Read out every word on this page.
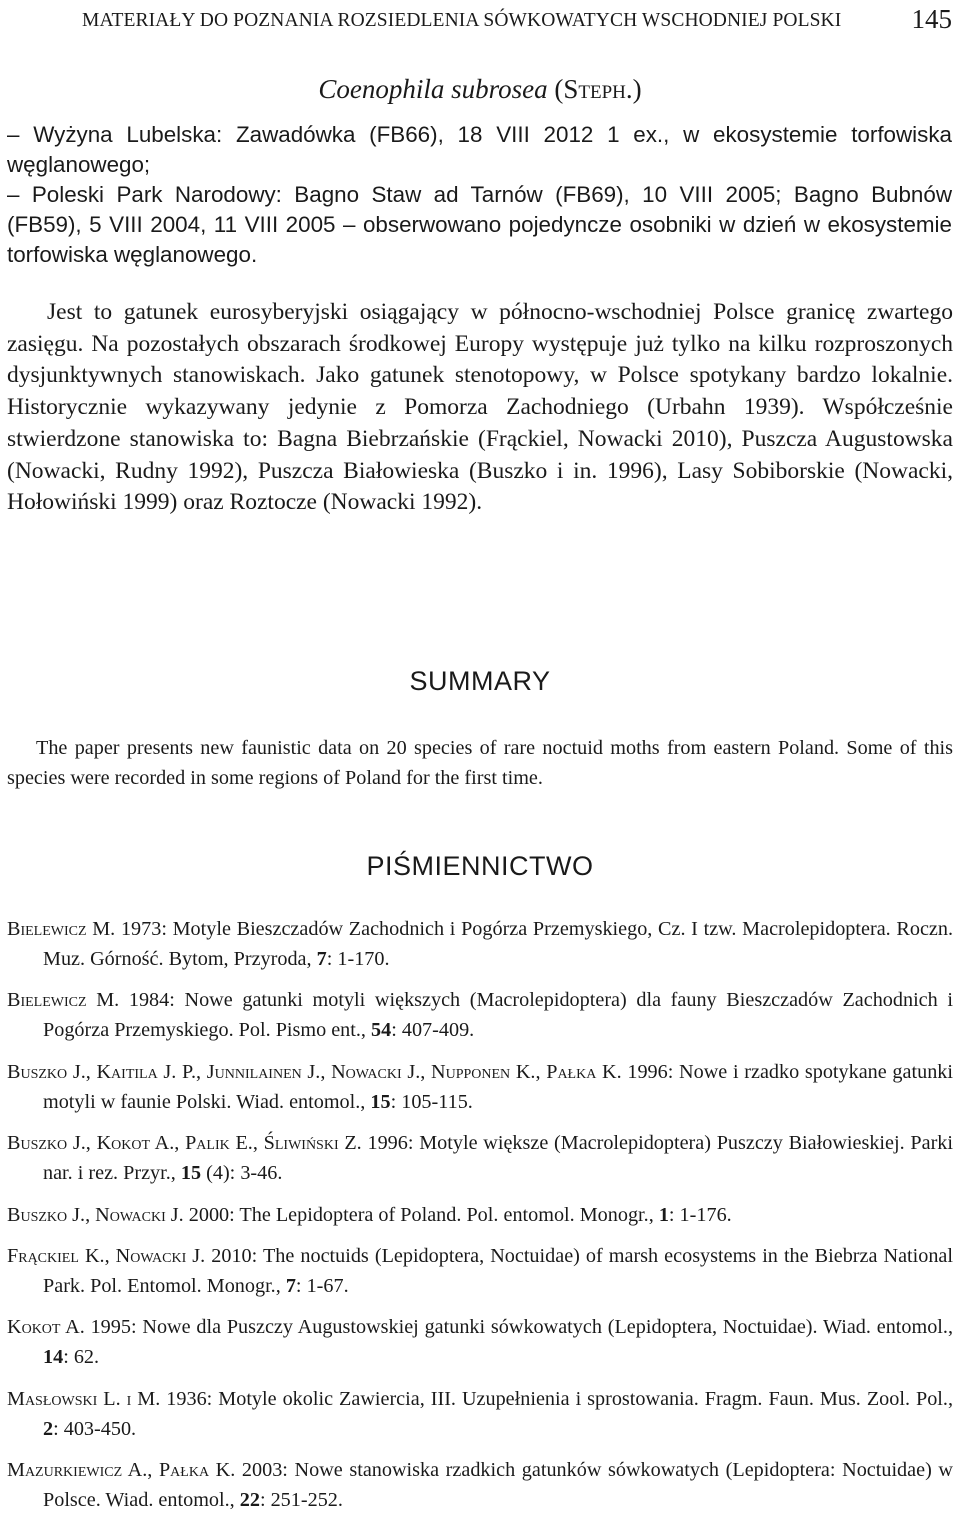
MATERIAŁY DO POZNANIA ROZSIEDLENIA SÓWKOWATYCH WSCHODNIEJ POLSKI	145
Coenophila subrosea (Steph.)

– Wyżyna Lubelska: Zawadówka (FB66), 18 VIII 2012 1 ex., w ekosystemie torfowiska węglanowego;

– Poleski Park Narodowy: Bagno Staw ad Tarnów (FB69), 10 VIII 2005; Bagno Bubnów (FB59), 5 VIII 2004, 11 VIII 2005 – obserwowano pojedyncze osobniki w dzień w ekosystemie torfowiska węglanowego.

Jest to gatunek eurosyberyjski osiągający w północno-wschodniej Polsce granicę zwartego zasięgu. Na pozostałych obszarach środkowej Europy występuje już tylko na kilku rozproszonych dysjunktywnych stanowiskach. Jako gatunek stenotopowy, w Polsce spotykany bardzo lokalnie. Historycznie wykazywany jedynie z Pomorza Zachodniego (Urbahn 1939). Współcześnie stwierdzone stanowiska to: Bagna Biebrzańskie (Frąckiel, Nowacki 2010), Puszcza Augustowska (Nowacki, Rudny 1992), Puszcza Białowieska (Buszko i in. 1996), Lasy Sobiborskie (Nowacki, Hołowiński 1999) oraz Roztocze (Nowacki 1992).

SUMMARY

The paper presents new faunistic data on 20 species of rare noctuid moths from eastern Poland. Some of this species were recorded in some regions of Poland for the first time.

PIŚMIENNICTWO

Bielewicz M. 1973: Motyle Bieszczadów Zachodnich i Pogórza Przemyskiego, Cz. I tzw. Macrolepidoptera. Roczn. Muz. Górność. Bytom, Przyroda, 7: 1-170.

Bielewicz M. 1984: Nowe gatunki motyli większych (Macrolepidoptera) dla fauny Bieszczadów Zachodnich i Pogórza Przemyskiego. Pol. Pismo ent., 54: 407-409.

Buszko J., Kaitila J. P., Junnilainen J., Nowacki J., Nupponen K., Pałka K. 1996: Nowe i rzadko spotykane gatunki motyli w faunie Polski. Wiad. entomol., 15: 105-115.

Buszko J., Kokot A., Palik E., Śliwiński Z. 1996: Motyle większe (Macrolepidoptera) Puszczy Białowieskiej. Parki nar. i rez. Przyr., 15 (4): 3-46.

Buszko J., Nowacki J. 2000: The Lepidoptera of Poland. Pol. entomol. Monogr., 1: 1-176.

Frąckiel K., Nowacki J. 2010: The noctuids (Lepidoptera, Noctuidae) of marsh ecosystems in the Biebrza National Park. Pol. Entomol. Monogr., 7: 1-67.

Kokot A. 1995: Nowe dla Puszczy Augustowskiej gatunki sówkowatych (Lepidoptera, Noctuidae). Wiad. entomol., 14: 62.

Masłowski L. i M. 1936: Motyle okolic Zawiercia, III. Uzupełnienia i sprostowania. Fragm. Faun. Mus. Zool. Pol., 2: 403-450.

Mazurkiewicz A., Pałka K. 2003: Nowe stanowiska rzadkich gatunków sówkowatych (Lepidoptera: Noctuidae) w Polsce. Wiad. entomol., 22: 251-252.
